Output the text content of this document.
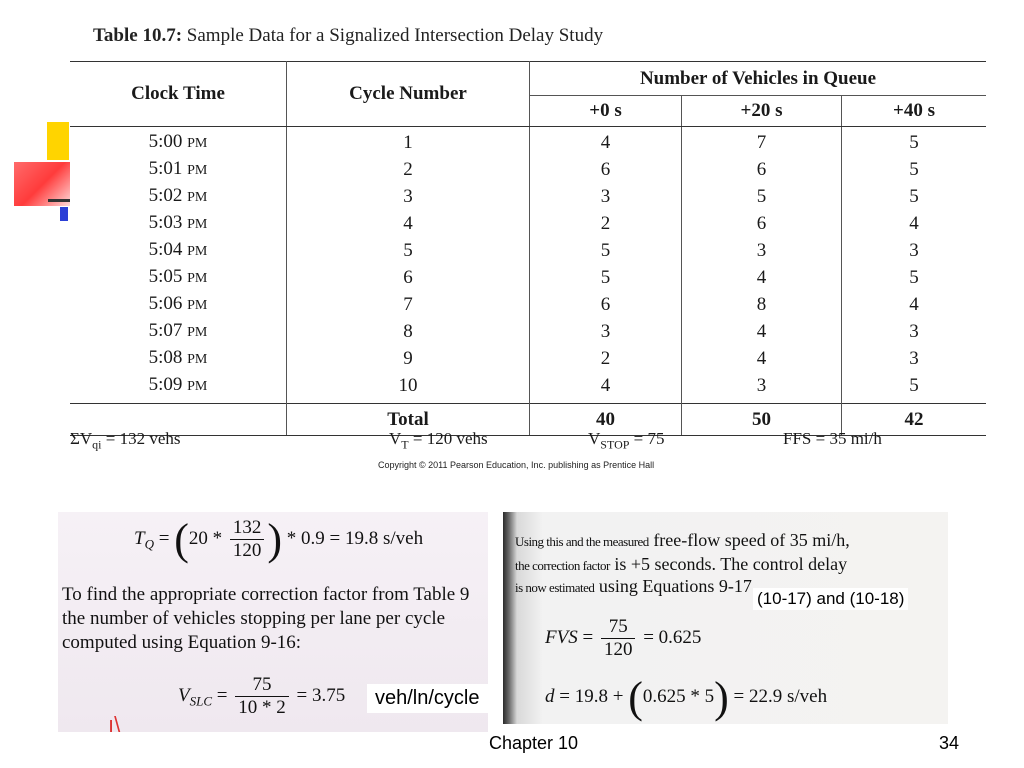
Table 10.7: Sample Data for a Signalized Intersection Delay Study
Clock Time	Cycle Number	Number of Vehicles in Queue		
		+0 s	+20 s	+40 s
5:00 PM	1	4	7	5
5:01 PM	2	6	6	5
5:02 PM	3	3	5	5
5:03 PM	4	2	6	4
5:04 PM	5	5	3	3
5:05 PM	6	5	4	5
5:06 PM	7	6	8	4
5:07 PM	8	3	4	3
5:08 PM	9	2	4	3
5:09 PM	10	4	3	5
	Total	40	50	42
$\Sigma V_{qi} = 132$ vehs	$V_T = 120$ vehs	$V_{STOP} = 75$	FFS = 35 mi/h
Copyright © 2011 Pearson Education, Inc. publishing as Prentice Hall
$T_Q = (20 * \frac{132}{120}$ ) * 0.9 = 19.8 s/veh
To find the appropriate correction factor from Table 9
the number of vehicles stopping per lane per cycle
computed using Equation 9-16:
$V_{SLC} = \frac{75}{10 * 2} = 3.75$
ı\
Using this and the measured free-flow speed of 35 mi/h,
the correction factor is +5 seconds. The control delay
is now estimated using Equations 9-17
FVS = $\frac{75}{120} = 0.625$
d = 19.8 + (0.625 * 5) = 22.9 s/veh
(10-17) and (10-18)
veh/ln/cycle
Chapter 10	34
